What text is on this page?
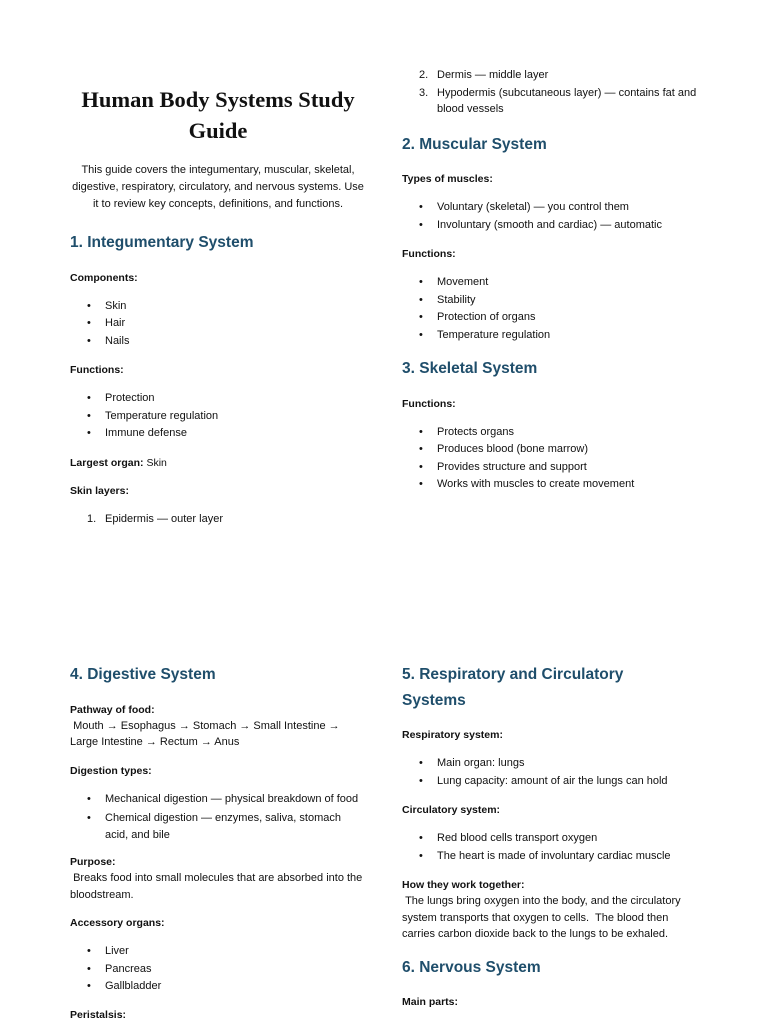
Human Body Systems Study Guide

This guide covers the integumentary, muscular, skeletal, digestive, respiratory, circulatory, and nervous systems. Use it to review key concepts, definitions, and functions.

1. Integumentary System

Components:

• Skin
• Hair
• Nails

Functions:

• Protection
• Temperature regulation
• Immune defense

Largest organ: Skin

Skin layers:

1. Epidermis — outer layer
2. Dermis — middle layer
3. Hypodermis (subcutaneous layer) — contains fat and blood vessels
2. Muscular System

Types of muscles:

• Voluntary (skeletal) — you control them
• Involuntary (smooth and cardiac) — automatic

Functions:

• Movement
• Stability
• Protection of organs
• Temperature regulation
3. Skeletal System

Functions:

• Protects organs
• Produces blood (bone marrow)
• Provides structure and support
• Works with muscles to create movement
4. Digestive System

Pathway of food:

Mouth → Esophagus → Stomach → Small Intestine → Large Intestine → Rectum → Anus

Digestion types:

• Mechanical digestion — physical breakdown of food
• Chemical digestion — enzymes, saliva, stomach acid, and bile

Purpose:

Breaks food into small molecules that are absorbed into the bloodstream.

Accessory organs:

• Liver
• Pancreas
• Gallbladder

Peristalsis:

5. Respiratory and Circulatory Systems

Respiratory system:

• Main organ: lungs
• Lung capacity: amount of air the lungs can hold

Circulatory system:

• Red blood cells transport oxygen
• The heart is made of involuntary cardiac muscle

How they work together:

The lungs bring oxygen into the body, and the circulatory system transports that oxygen to cells.  The blood then carries carbon dioxide back to the lungs to be exhaled.

6. Nervous System

Main parts:
